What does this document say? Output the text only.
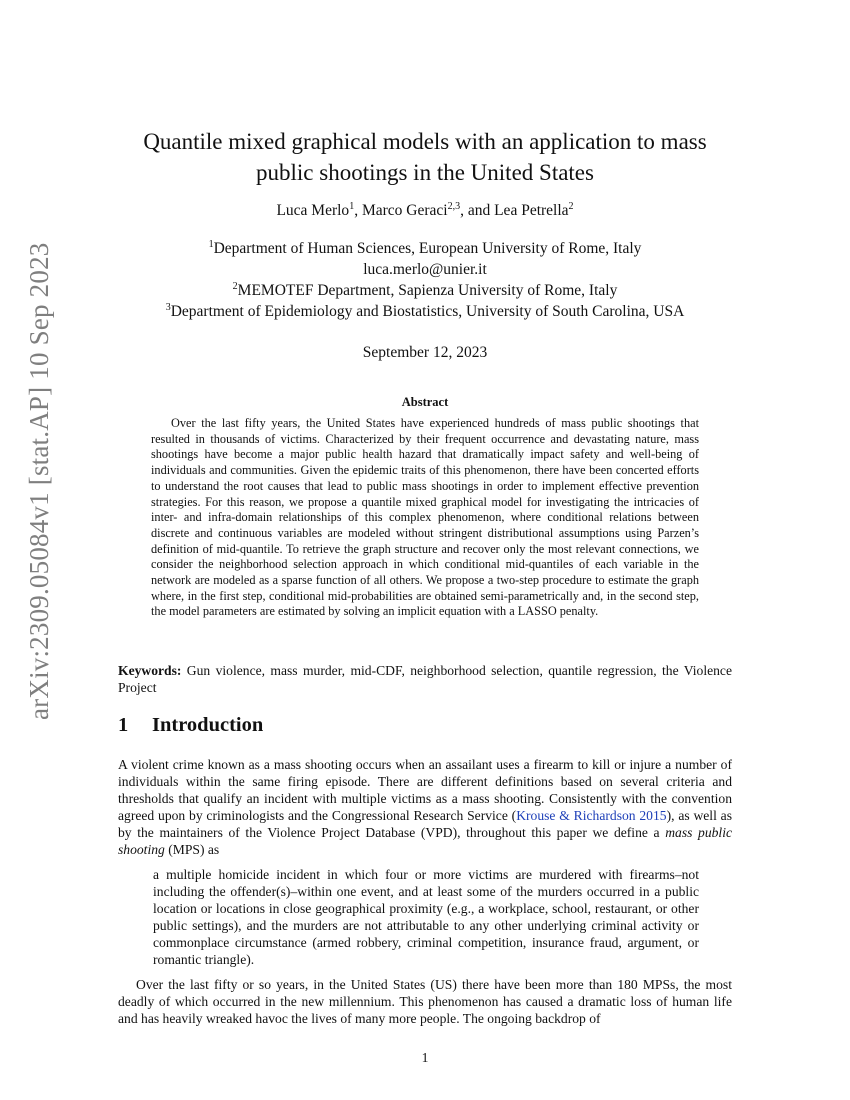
arXiv:2309.05084v1 [stat.AP] 10 Sep 2023
Quantile mixed graphical models with an application to mass
public shootings in the United States
Luca Merlo$^1$, Marco Geraci$^{2,3}$, and Lea Petrella$^2$
$^1$Department of Human Sciences, European University of Rome, Italy
luca.merlo@unier.it
$^2$MEMOTEF Department, Sapienza University of Rome, Italy
$^3$Department of Epidemiology and Biostatistics, University of South Carolina, USA
September 12, 2023
Abstract
Over the last fifty years, the United States have experienced hundreds of mass public shootings that resulted in thousands of victims. Characterized by their frequent occurrence and devastating nature, mass shootings have become a major public health hazard that dramatically impact safety and well-being of individuals and communities. Given the epidemic traits of this phenomenon, there have been concerted efforts to understand the root causes that lead to public mass shootings in order to implement effective prevention strategies. For this reason, we propose a quantile mixed graphical model for investigating the intricacies of inter- and infra-domain relationships of this complex phenomenon, where conditional relations between discrete and continuous variables are modeled without stringent distributional assumptions using Parzen’s definition of mid-quantile. To retrieve the graph structure and recover only the most relevant connections, we consider the neighborhood selection approach in which conditional mid-quantiles of each variable in the network are modeled as a sparse function of all others. We propose a two-step procedure to estimate the graph where, in the first step, conditional mid-probabilities are obtained semi-parametrically and, in the second step, the model parameters are estimated by solving an implicit equation with a LASSO penalty.
Keywords: Gun violence, mass murder, mid-CDF, neighborhood selection, quantile regression, the Violence Project
1 Introduction
A violent crime known as a mass shooting occurs when an assailant uses a firearm to kill or injure a number of individuals within the same firing episode. There are different definitions based on several criteria and thresholds that qualify an incident with multiple victims as a mass shooting. Consistently with the convention agreed upon by criminologists and the Congressional Research Service (Krouse & Richardson 2015), as well as by the maintainers of the Violence Project Database (VPD), throughout this paper we define a mass public shooting (MPS) as
a multiple homicide incident in which four or more victims are murdered with firearms–not including the offender(s)–within one event, and at least some of the murders occurred in a public location or locations in close geographical proximity (e.g., a workplace, school, restaurant, or other public settings), and the murders are not attributable to any other underlying criminal activity or commonplace circumstance (armed robbery, criminal competition, insurance fraud, argument, or romantic triangle).
Over the last fifty or so years, in the United States (US) there have been more than 180 MPSs, the most deadly of which occurred in the new millennium. This phenomenon has caused a dramatic loss of human life and has heavily wreaked havoc the lives of many more people. The ongoing backdrop of
1
